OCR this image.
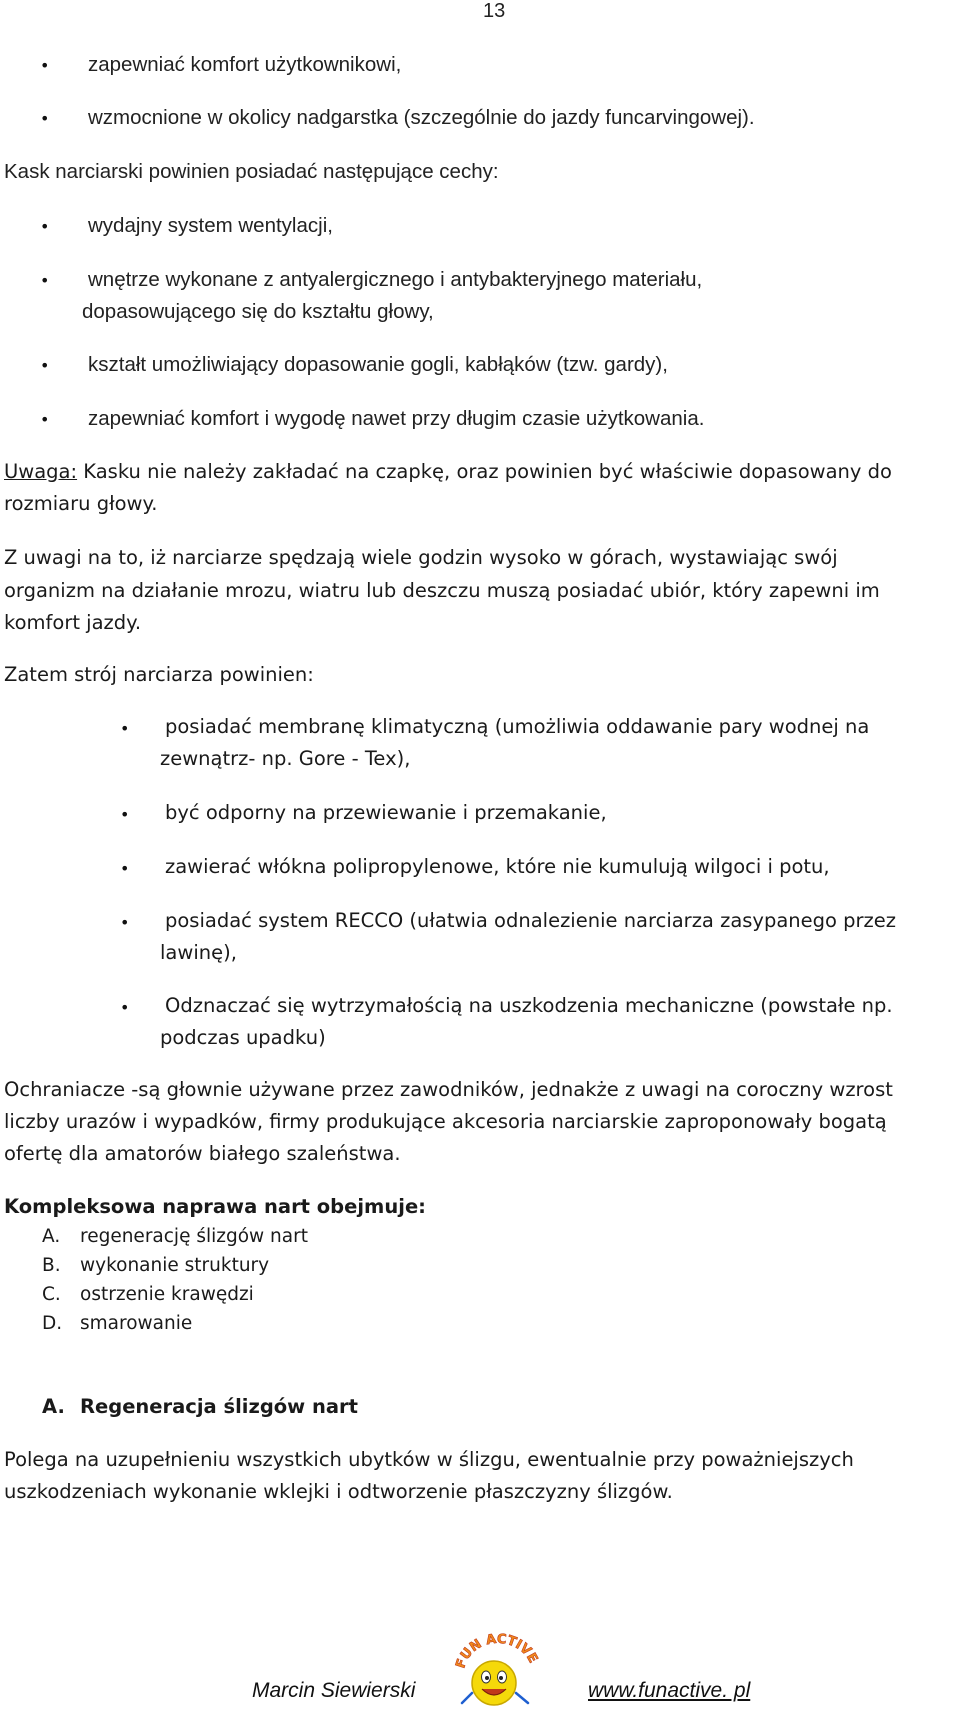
13
• zapewniać komfort użytkownikowi,
• wzmocnione w okolicy nadgarstka (szczególnie do jazdy funcarvingowej).
Kask narciarski powinien posiadać następujące cechy:
• wydajny system wentylacji,
• wnętrze wykonane z antyalergicznego i antybakteryjnego materiału,
dopasowującego się do kształtu głowy,
• kształt umożliwiający dopasowanie gogli, kabłąków (tzw. gardy),
• zapewniać komfort i wygodę nawet przy długim czasie użytkowania.
Uwaga: Kasku nie należy zakładać na czapkę, oraz powinien być właściwie dopasowany do
rozmiaru głowy.
Z uwagi na to, iż narciarze spędzają wiele godzin wysoko w górach, wystawiając swój
organizm na działanie mrozu, wiatru lub deszczu muszą posiadać ubiór, który zapewni im
komfort jazdy.
Zatem strój narciarza powinien:
• posiadać membranę klimatyczną (umożliwia oddawanie pary wodnej na
zewnątrz- np. Gore - Tex),
• być odporny na przewiewanie i przemakanie,
• zawierać włókna polipropylenowe, które nie kumulują wilgoci i potu,
• posiadać system RECCO (ułatwia odnalezienie narciarza zasypanego przez
lawinę),
• Odznaczać się wytrzymałością na uszkodzenia mechaniczne (powstałe np.
podczas upadku)
Ochraniacze -są głownie używane przez zawodników, jednakże z uwagi na coroczny wzrost
liczby urazów i wypadków, firmy produkujące akcesoria narciarskie zaproponowały bogatą
ofertę dla amatorów białego szaleństwa.
Kompleksowa naprawa nart obejmuje:
A. regenerację ślizgów nart
B. wykonanie struktury
C. ostrzenie krawędzi
D. smarowanie
A. Regeneracja ślizgów nart
Polega na uzupełnieniu wszystkich ubytków w ślizgu, ewentualnie przy poważniejszych
uszkodzeniach wykonanie wklejki i odtworzenie płaszczyzny ślizgów.
Marcin Siewierski	www.funactive. pl
FUN ACTIVE
